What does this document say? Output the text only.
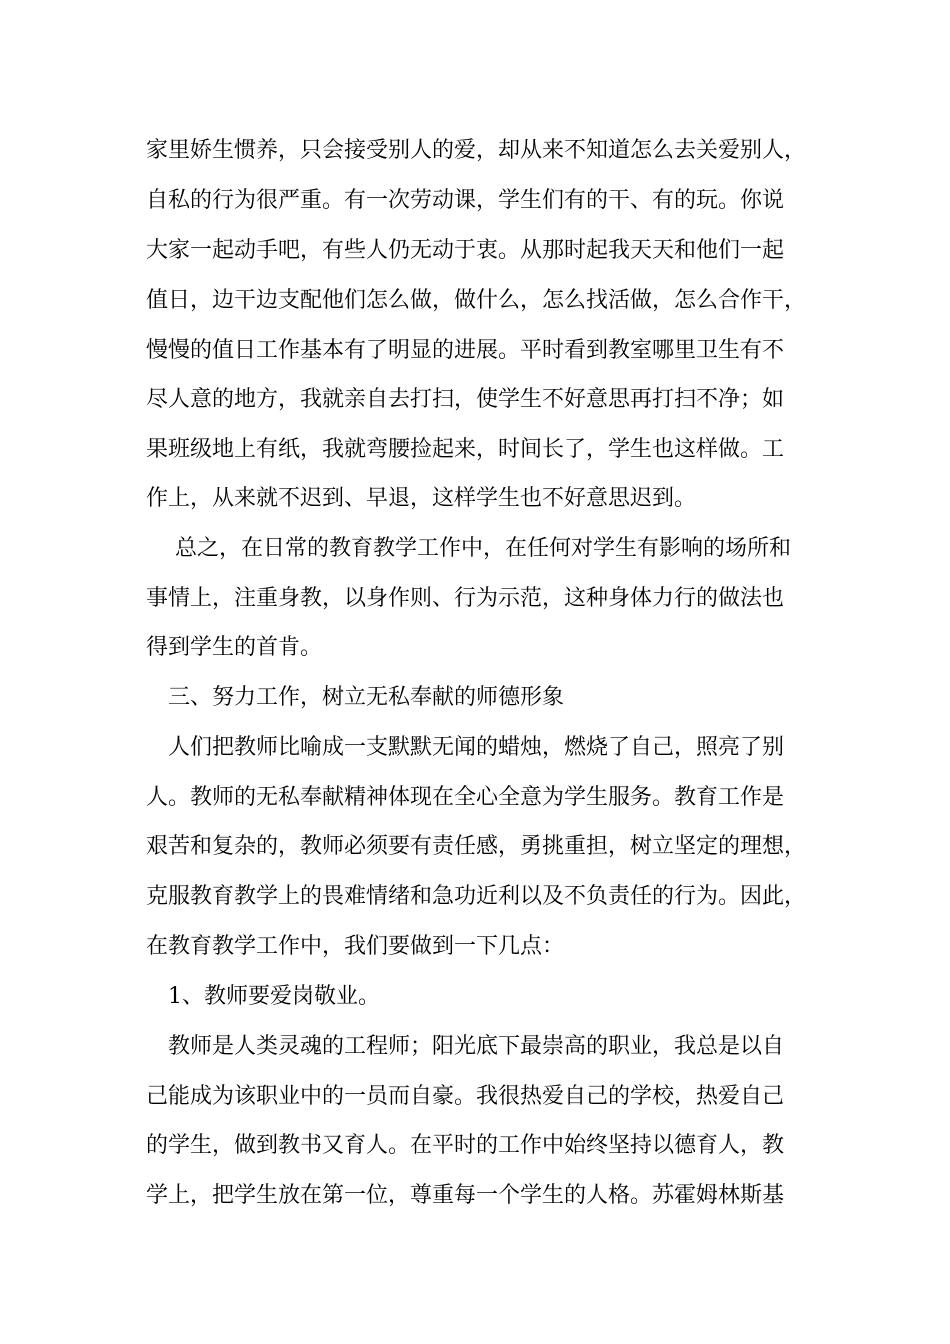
家里娇生惯养，只会接受别人的爱，却从来不知道怎么去关爱别人，
自私的行为很严重。有一次劳动课，学生们有的干、有的玩。你说
大家一起动手吧，有些人仍无动于衷。从那时起我天天和他们一起
值日，边干边支配他们怎么做，做什么，怎么找活做，怎么合作干，
慢慢的值日工作基本有了明显的进展。平时看到教室哪里卫生有不
尽人意的地方，我就亲自去打扫，使学生不好意思再打扫不净；如
果班级地上有纸，我就弯腰捡起来，时间长了，学生也这样做。工
作上，从来就不迟到、早退，这样学生也不好意思迟到。
总之，在日常的教育教学工作中，在任何对学生有影响的场所和
事情上，注重身教，以身作则、行为示范，这种身体力行的做法也
得到学生的首肯。
三、努力工作，树立无私奉献的师德形象
人们把教师比喻成一支默默无闻的蜡烛，燃烧了自己，照亮了别
人。教师的无私奉献精神体现在全心全意为学生服务。教育工作是
艰苦和复杂的，教师必须要有责任感，勇挑重担，树立坚定的理想，
克服教育教学上的畏难情绪和急功近利以及不负责任的行为。因此，
在教育教学工作中，我们要做到一下几点：
1、教师要爱岗敬业。
教师是人类灵魂的工程师；阳光底下最崇高的职业，我总是以自
己能成为该职业中的一员而自豪。我很热爱自己的学校，热爱自己
的学生，做到教书又育人。在平时的工作中始终坚持以德育人，教
学上，把学生放在第一位，尊重每一个学生的人格。苏霍姆林斯基
